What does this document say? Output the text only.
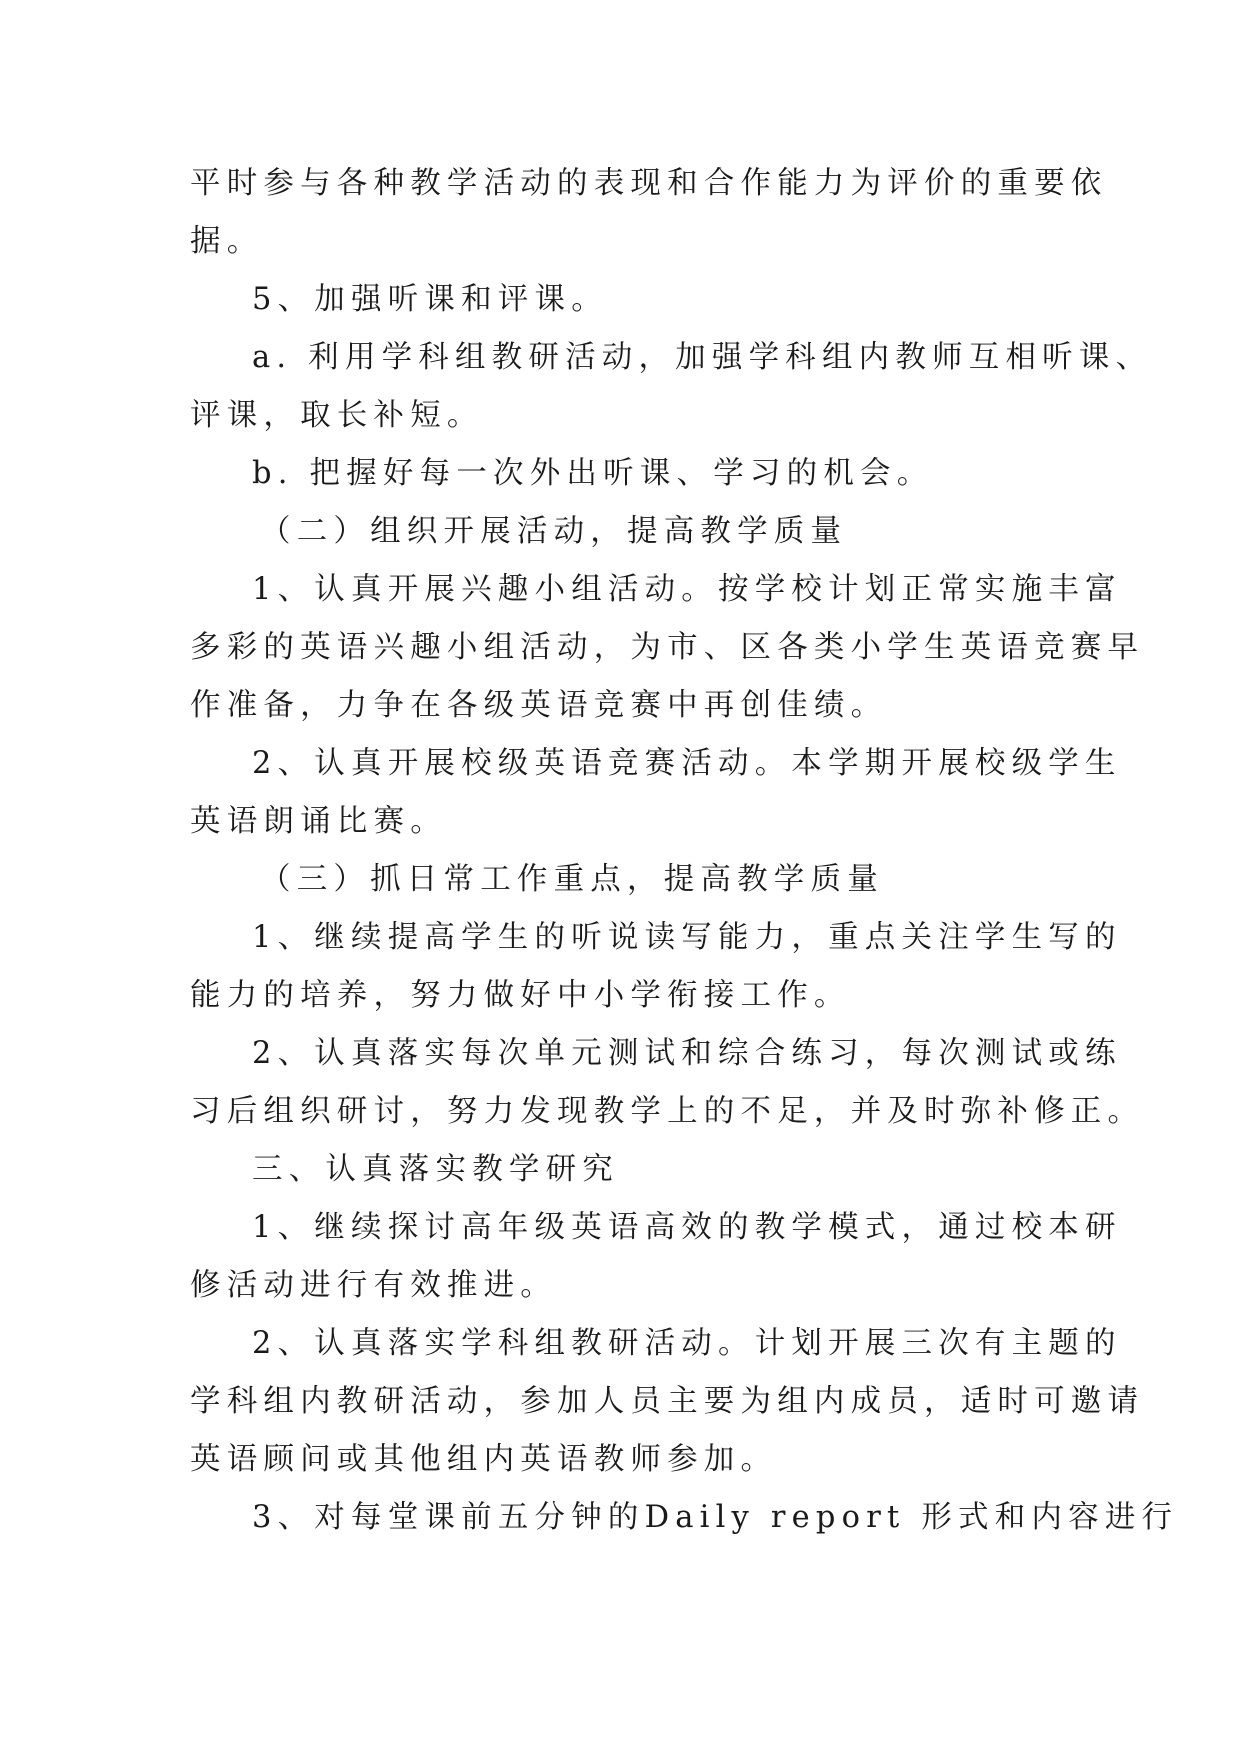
平时参与各种教学活动的表现和合作能力为评价的重要依

据。

5、加强听课和评课。

a. 利用学科组教研活动，加强学科组内教师互相听课、

评课，取长补短。

b. 把握好每一次外出听课、学习的机会。

（二）组织开展活动，提高教学质量

1、认真开展兴趣小组活动。按学校计划正常实施丰富

多彩的英语兴趣小组活动，为市、区各类小学生英语竞赛早

作准备，力争在各级英语竞赛中再创佳绩。

2、认真开展校级英语竞赛活动。本学期开展校级学生

英语朗诵比赛。

（三）抓日常工作重点，提高教学质量

1、继续提高学生的听说读写能力，重点关注学生写的

能力的培养，努力做好中小学衔接工作。

2、认真落实每次单元测试和综合练习，每次测试或练

习后组织研讨，努力发现教学上的不足，并及时弥补修正。

三、认真落实教学研究

1、继续探讨高年级英语高效的教学模式，通过校本研

修活动进行有效推进。

2、认真落实学科组教研活动。计划开展三次有主题的

学科组内教研活动，参加人员主要为组内成员，适时可邀请

英语顾问或其他组内英语教师参加。

3、对每堂课前五分钟的Daily report 形式和内容进行
